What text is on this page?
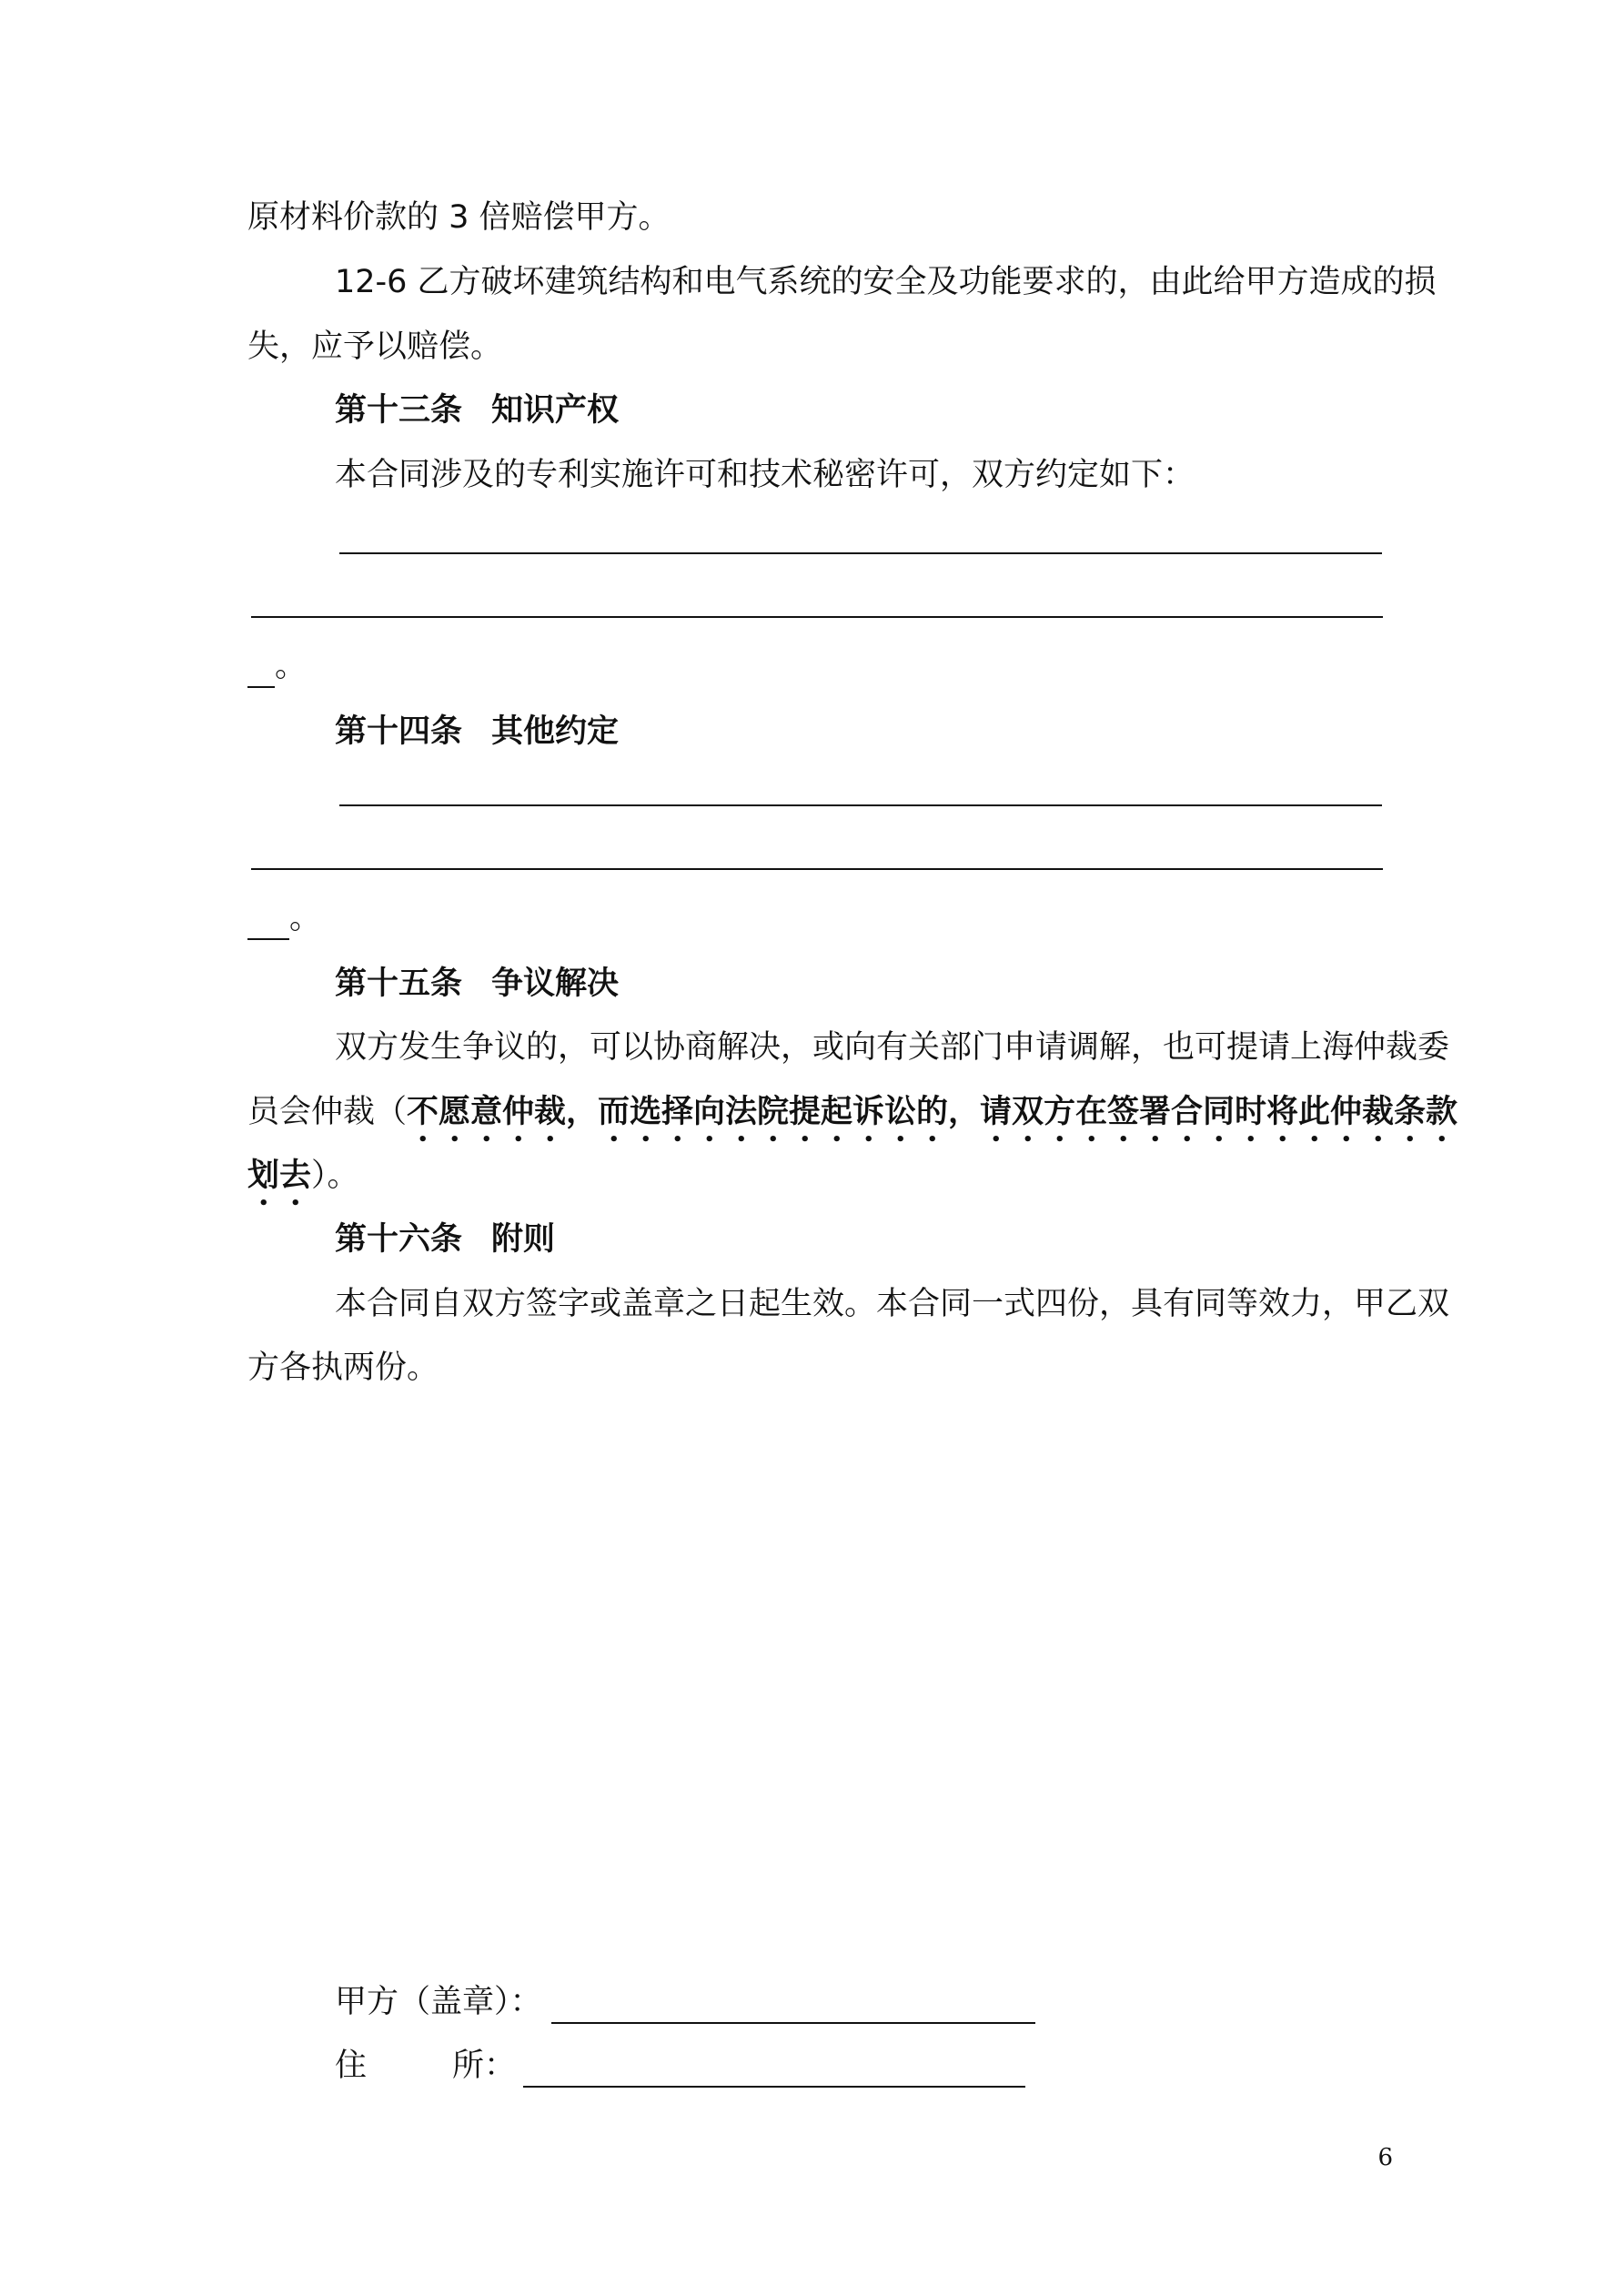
原材料价款的 3 倍赔偿甲方。
12-6 乙方破坏建筑结构和电气系统的安全及功能要求的，由此给甲方造成的损
失，应予以赔偿。
第十三条 知识产权
本合同涉及的专利实施许可和技术秘密许可，双方约定如下：
。
第十四条 其他约定
。
第十五条 争议解决
双方发生争议的，可以协商解决，或向有关部门申请调解，也可提请上海仲裁委
员会仲裁（不愿意仲裁，而选择向法院提起诉讼的，请双方在签署合同时将此仲裁条款
划去）。
第十六条 附则
本合同自双方签字或盖章之日起生效。本合同一式四份，具有同等效力，甲乙双
方各执两份。
甲方（盖章）：
住	所：
6
